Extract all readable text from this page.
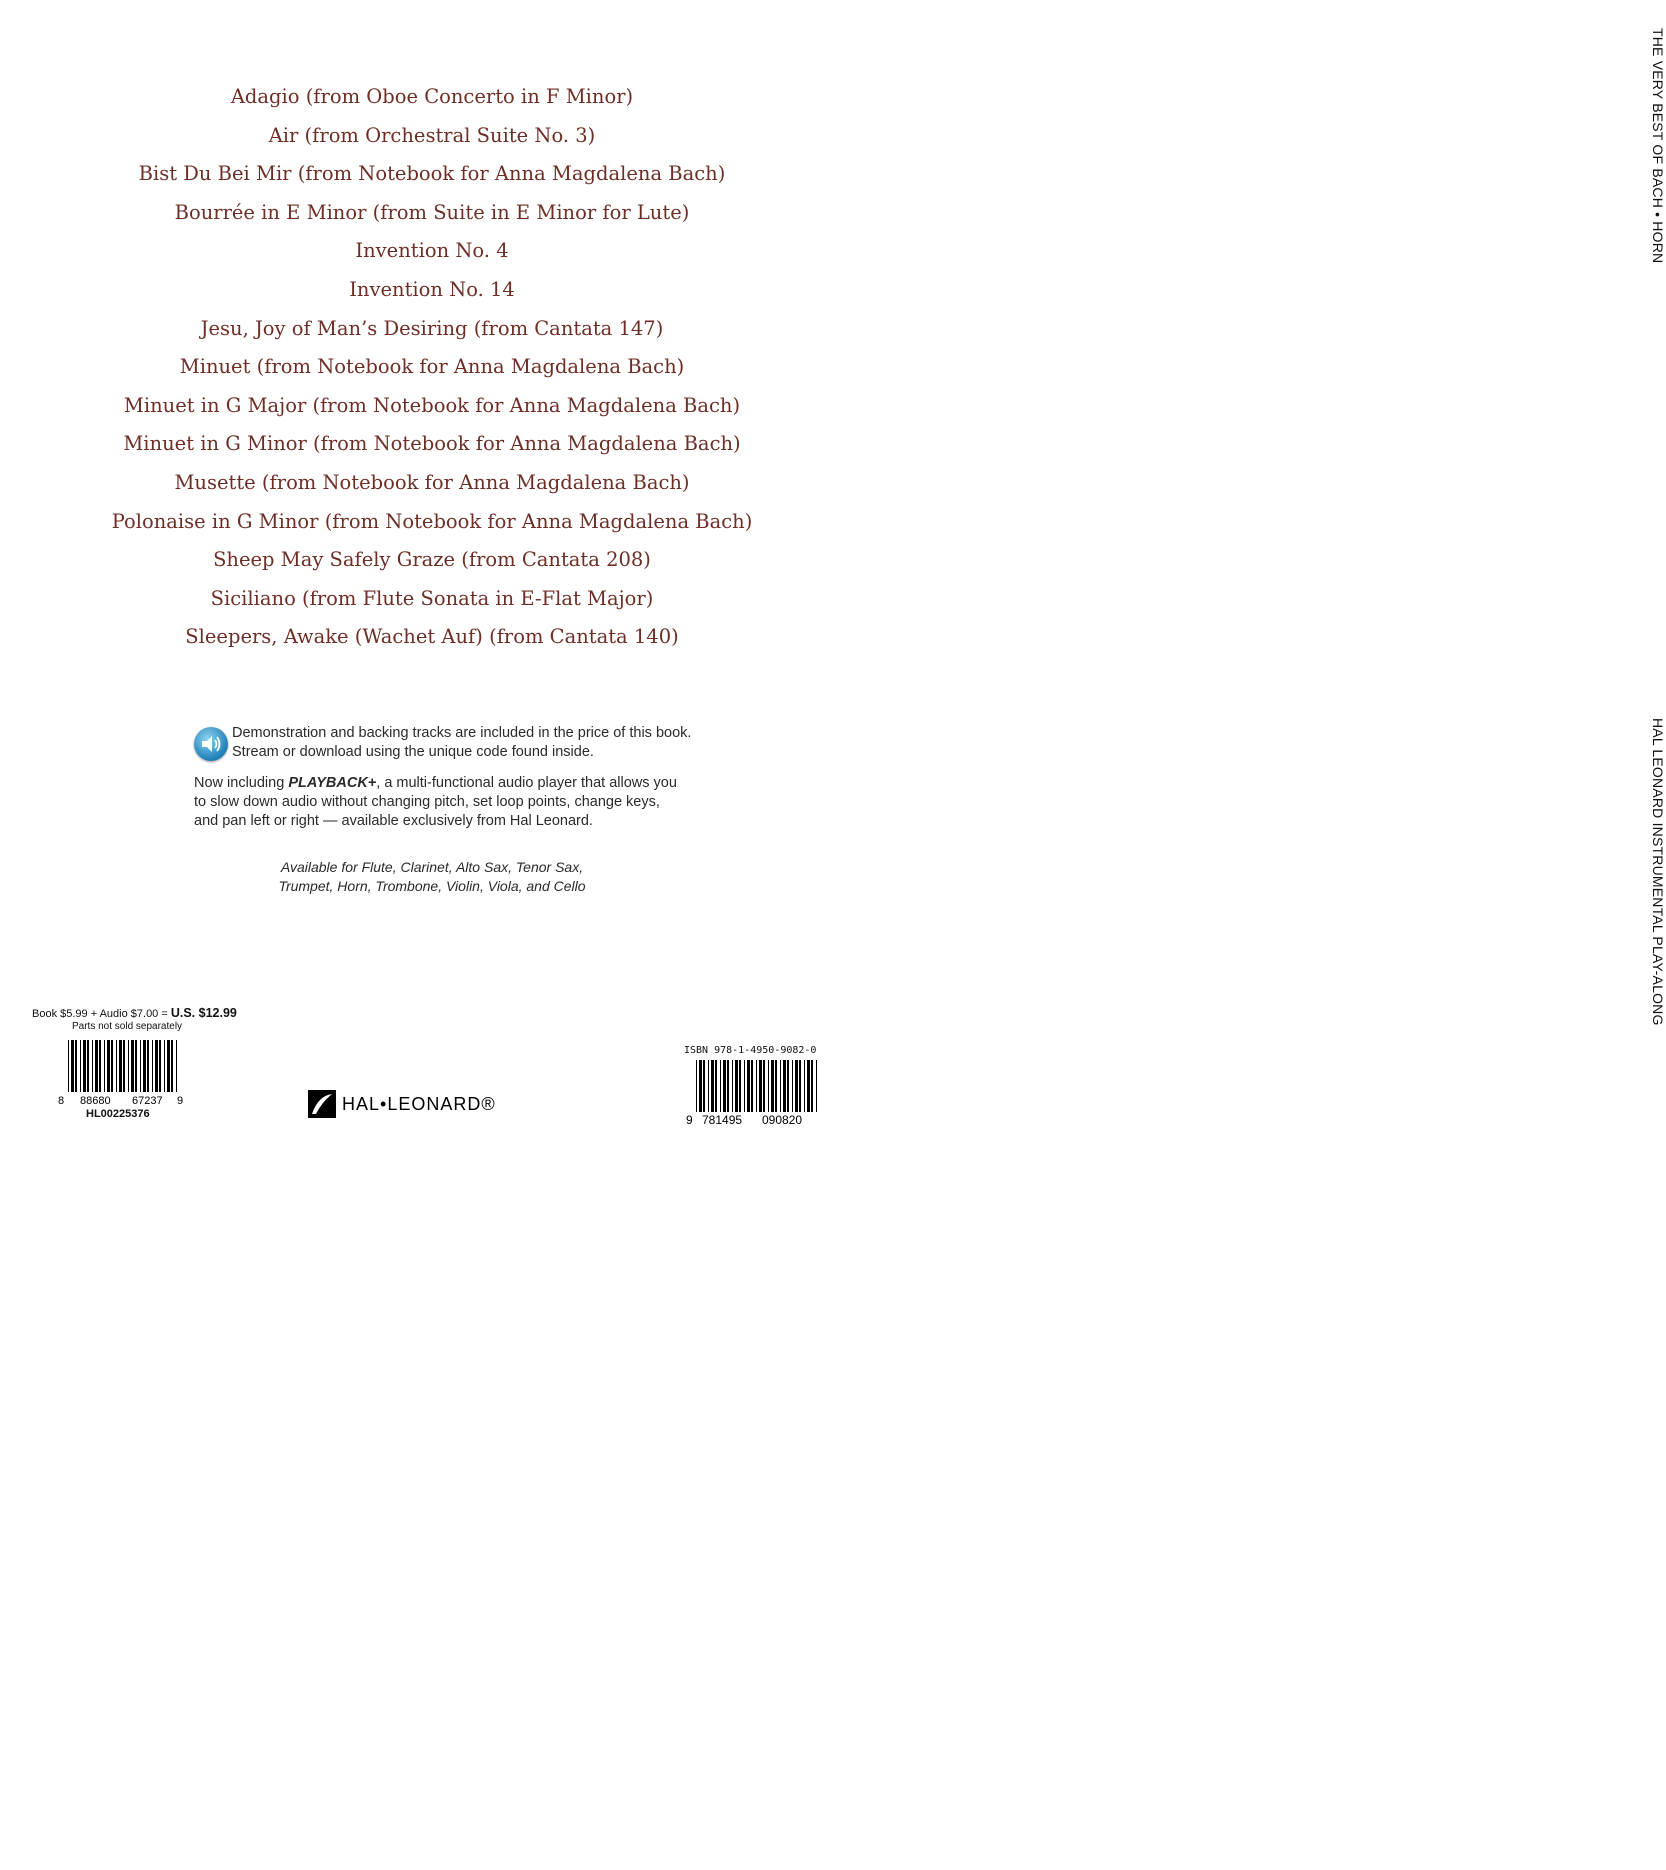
THE VERY BEST OF BACH • HORN
HAL LEONARD INSTRUMENTAL PLAY-ALONG
Adagio (from Oboe Concerto in F Minor)
Air (from Orchestral Suite No. 3)
Bist Du Bei Mir (from Notebook for Anna Magdalena Bach)
Bourrée in E Minor (from Suite in E Minor for Lute)
Invention No. 4
Invention No. 14
Jesu, Joy of Man’s Desiring (from Cantata 147)
Minuet (from Notebook for Anna Magdalena Bach)
Minuet in G Major (from Notebook for Anna Magdalena Bach)
Minuet in G Minor (from Notebook for Anna Magdalena Bach)
Musette (from Notebook for Anna Magdalena Bach)
Polonaise in G Minor (from Notebook for Anna Magdalena Bach)
Sheep May Safely Graze (from Cantata 208)
Siciliano (from Flute Sonata in E-Flat Major)
Sleepers, Awake (Wachet Auf) (from Cantata 140)
Demonstration and backing tracks are included in the price of this book.
Stream or download using the unique code found inside.
Now including PLAYBACK+, a multi-functional audio player that allows you
to slow down audio without changing pitch, set loop points, change keys,
and pan left or right — available exclusively from Hal Leonard.
Available for Flute, Clarinet, Alto Sax, Tenor Sax,
Trumpet, Horn, Trombone, Violin, Viola, and Cello
Book $5.99 + Audio $7.00 = U.S. $12.99
Parts not sold separately
8 88680 67237 9
HL00225376
ISBN 978-1-4950-9082-0
9 781495 090820
HAL•LEONARD®
